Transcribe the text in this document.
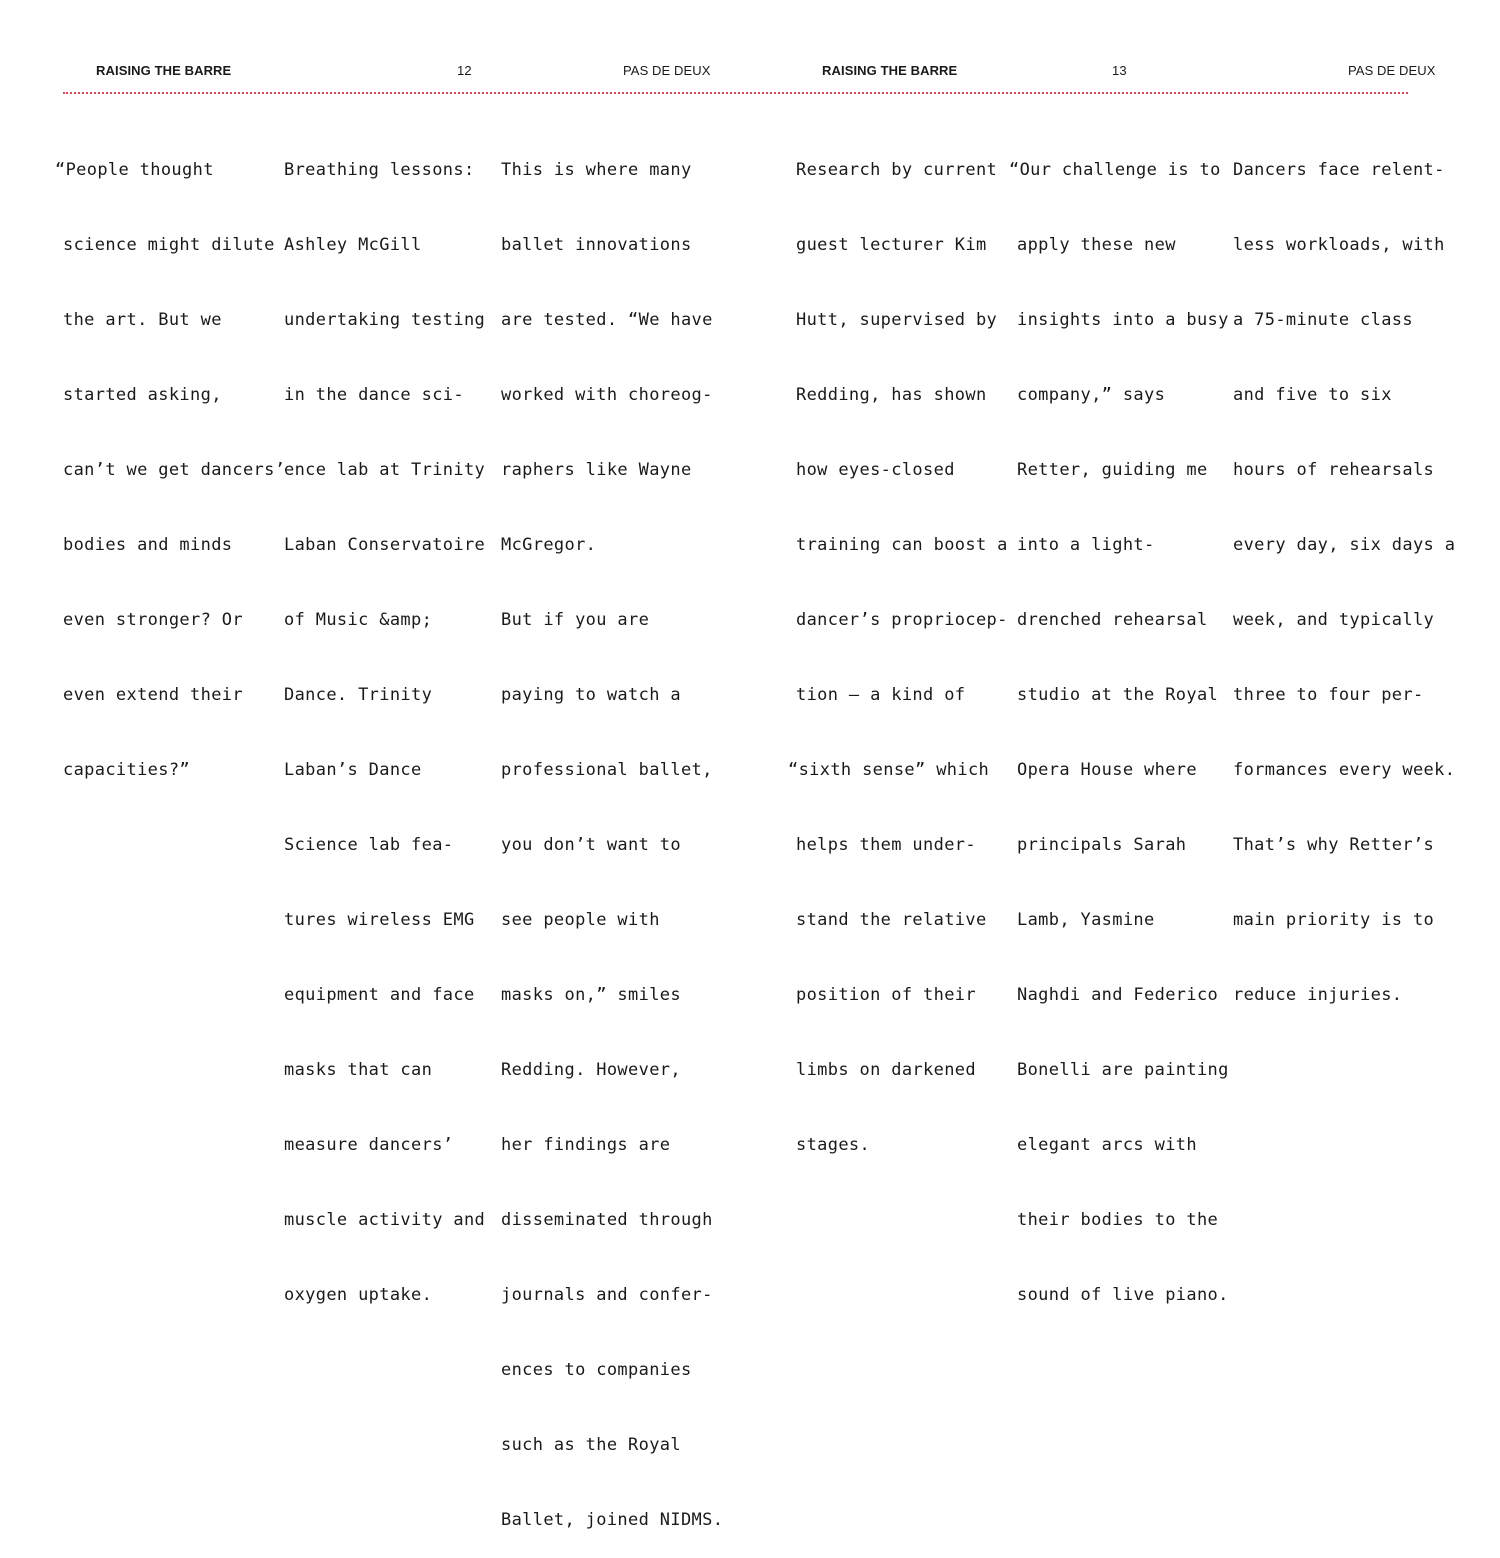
RAISING THE BARRE	12	PAS DE DEUX	RAISING THE BARRE	13	PAS DE DEUX

“People thought

science might dilute

the art. But we

started asking,

can’t we get dancers’

bodies and minds

even stronger? Or

even extend their

capacities?”

Breathing lessons:

Ashley McGill

undertaking testing

in the dance sci-

ence lab at Trinity

Laban Conservatoire

of Music &amp;

Dance. Trinity

Laban’s Dance

Science lab fea-

tures wireless EMG

equipment and face

masks that can

measure dancers’

muscle activity and

oxygen uptake.

This is where many

ballet innovations

are tested. “We have

worked with choreog-

raphers like Wayne

McGregor.

But if you are

paying to watch a

professional ballet,

you don’t want to

see people with

masks on,” smiles

Redding. However,

her findings are

disseminated through

journals and confer-

ences to companies

such as the Royal

Ballet, joined NIDMS.

Research by current

guest lecturer Kim

Hutt, supervised by

Redding, has shown

how eyes-closed

training can boost a

dancer’s propriocep-

tion – a kind of

“sixth sense” which

helps them under-

stand the relative

position of their

limbs on darkened

stages.

“Our challenge is to

apply these new

insights into a busy

company,” says

Retter, guiding me

into a light-

drenched rehearsal

studio at the Royal

Opera House where

principals Sarah

Lamb, Yasmine

Naghdi and Federico

Bonelli are painting

elegant arcs with

their bodies to the

sound of live piano.

Dancers face relent-

less workloads, with

a 75-minute class

and five to six

hours of rehearsals

every day, six days a

week, and typically

three to four per-

formances every week.

That’s why Retter’s

main priority is to

reduce injuries.
